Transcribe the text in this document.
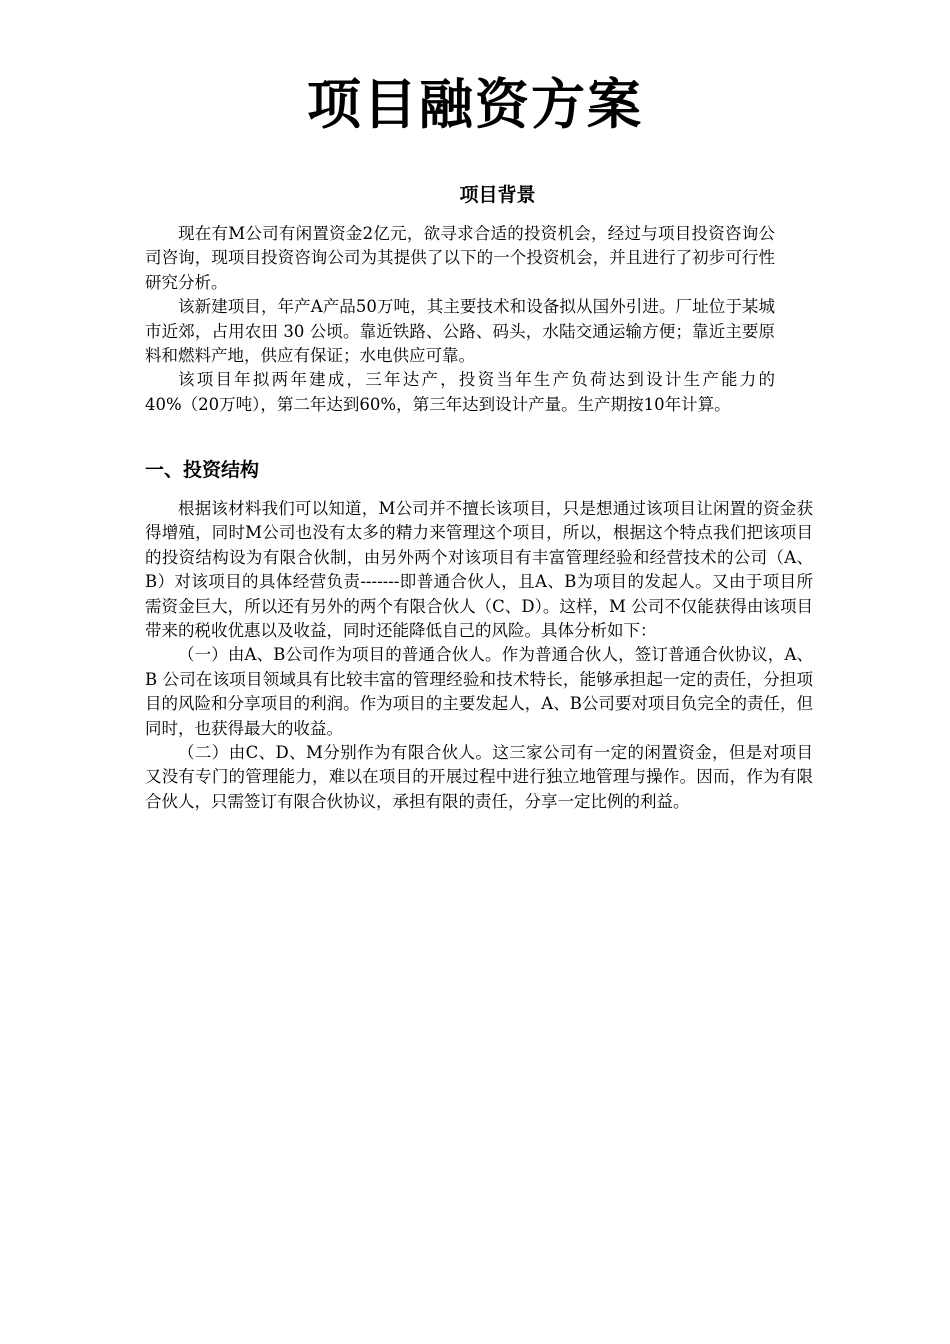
项目融资方案
项目背景

现在有M公司有闲置资金2亿元，欲寻求合适的投资机会，经过与项目投资咨询公司咨询，现项目投资咨询公司为其提供了以下的一个投资机会，并且进行了初步可行性研究分析。

该新建项目，年产A产品50万吨，其主要技术和设备拟从国外引进。厂址位于某城市近郊，占用农田 30 公顷。靠近铁路、公路、码头，水陆交通运输方便；靠近主要原料和燃料产地，供应有保证；水电供应可靠。

该项目年拟两年建成，三年达产，投资当年生产负荷达到设计生产能力的40%（20万吨），第二年达到60%，第三年达到设计产量。生产期按10年计算。

一、投资结构

根据该材料我们可以知道，M公司并不擅长该项目，只是想通过该项目让闲置的资金获得增殖，同时M公司也没有太多的精力来管理这个项目，所以，根据这个特点我们把该项目的投资结构设为有限合伙制，由另外两个对该项目有丰富管理经验和经营技术的公司（A、B）对该项目的具体经营负责-------即普通合伙人，且A、B为项目的发起人。又由于项目所需资金巨大，所以还有另外的两个有限合伙人（C、D）。这样，M 公司不仅能获得由该项目带来的税收优惠以及收益，同时还能降低自己的风险。具体分析如下：

（一）由A、B公司作为项目的普通合伙人。作为普通合伙人，签订普通合伙协议，A、B 公司在该项目领域具有比较丰富的管理经验和技术特长，能够承担起一定的责任，分担项目的风险和分享项目的利润。作为项目的主要发起人，A、B公司要对项目负完全的责任，但同时，也获得最大的收益。

（二）由C、D、M分别作为有限合伙人。这三家公司有一定的闲置资金，但是对项目又没有专门的管理能力，难以在项目的开展过程中进行独立地管理与操作。因而，作为有限合伙人，只需签订有限合伙协议，承担有限的责任，分享一定比例的利益。
